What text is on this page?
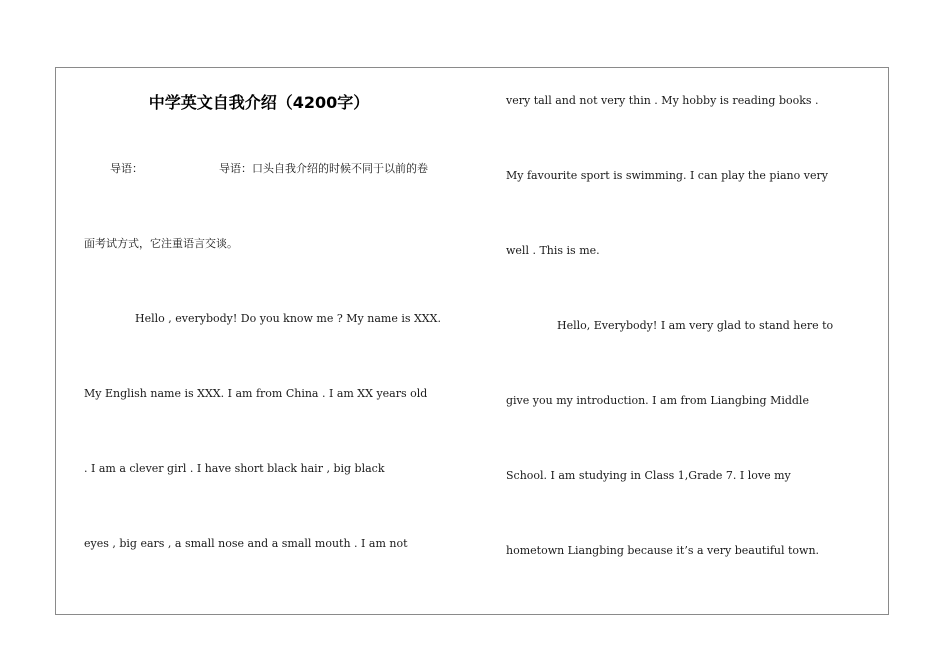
中学英文自我介绍（4200字）
导语：	导语：口头自我介绍的时候不同于以前的卷
面考试方式，它注重语言交谈。
Hello , everybody! Do you know me ? My name is XXX.
My English name is XXX. I am from China . I am XX years old
. I am a clever girl . I have short black hair , big black
eyes , big ears , a small nose and a small mouth . I am not
very tall and not very thin . My hobby is reading books .
My favourite sport is swimming. I can play the piano very
well . This is me.
Hello, Everybody! I am very glad to stand here to
give you my introduction. I am from Liangbing Middle
School. I am studying in Class 1,Grade 7. I love my
hometown Liangbing because it’s a very beautiful town.
